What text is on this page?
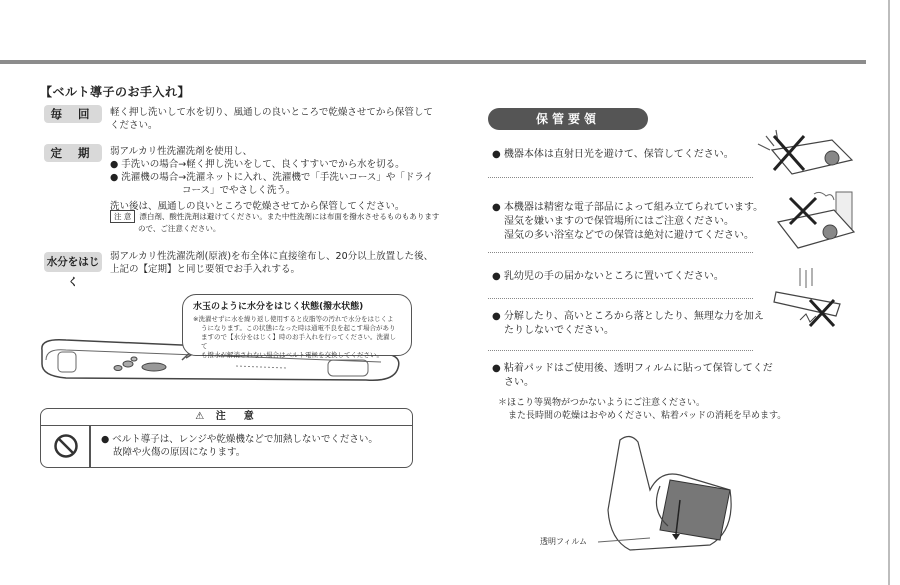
【ベルト導子のお手入れ】
毎 回	軽く押し洗いして水を切り、風通しの良いところで乾燥させてから保管して
ください。
定 期	弱アルカリ性洗濯洗剤を使用し、
● 手洗いの場合→軽く押し洗いをして、良くすすいでから水を切る。
● 洗濯機の場合→洗濯ネットに入れ、洗濯機で「手洗いコース」や「ドライ
コース」でやさしく洗う。
洗い後は、風通しの良いところで乾燥させてから保管してください。
注 意 漂白剤、酸性洗剤は避けてください。また中性洗剤には布面を撥水させるものもあります
ので、ご注意ください。
水分をはじく
弱アルカリ性洗濯洗剤(原液)を布全体に直接塗布し、20分以上放置した後、
上記の【定期】と同じ要領でお手入れする。
水玉のように水分をはじく状態(撥水状態)
※洗濯せずに水を繰り返し使用すると皮脂等の汚れで水分をはじくよ
うになります。この状態になった時は通電不良を起こす場合があり
ますので【水分をはじく】時のお手入れを行ってください。洗濯して
も撥水が解消されない場合はベルト電極を交換してください。
⚠ 注　意
● ベルト導子は、レンジや乾燥機などで加熱しないでください。
故障や火傷の原因になります。
保管要領
● 機器本体は直射日光を避けて、保管してください。
● 本機器は精密な電子部品によって組み立てられています。
湿気を嫌いますので保管場所にはご注意ください。
湿気の多い浴室などでの保管は絶対に避けてください。
● 乳幼児の手の届かないところに置いてください。
● 分解したり、高いところから落としたり、無理な力を加え
たりしないでください。
● 粘着パッドはご使用後、透明フィルムに貼って保管してくだ
さい。
＊ほこり等異物がつかないようにご注意ください。
また長時間の乾燥はおやめください、粘着パッドの消耗を早めます。
透明フィルム
